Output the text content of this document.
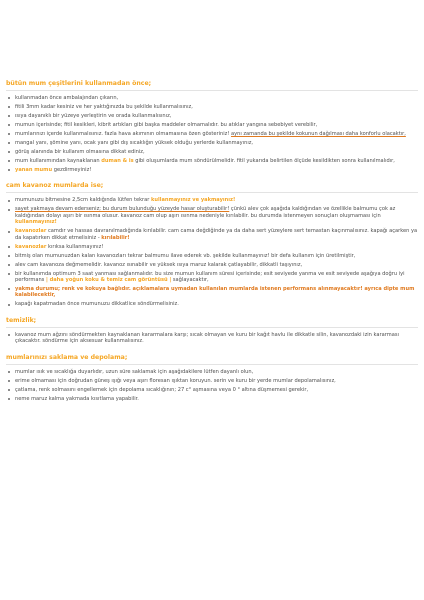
bütün mum çeşitlerini kullanmadan önce;
kullanmadan önce ambalajından çıkarın,
fitili 3mm kadar kesiniz ve her yaktığınızda bu şekilde kullanmalısınız,
ısıya dayanıklı bir yüzeye yerleştirin ve orada kullanmalısınız,
mumun içerisinde; fitil kesikleri, kibrit artıkları gibi başka maddeler olmamalıdır. bu atıklar yangına sebebiyet verebilir,
mumlarınızı içerde kullanmalısınız. fazla hava akımının olmamasına özen gösteriniz! aynı zamanda bu şekilde kokunun dağılması daha konforlu olacaktır,
mangal yanı, şömine yanı, ocak yanı gibi dış sıcaklığın yüksek olduğu yerlerde kullanmayınız,
görüş alanında bir kullanım olmasına dikkat ediniz,
mum kullanımından kaynaklanan duman & is gibi oluşumlarda mum söndürülmelidir. fitil yukarıda belirtilen ölçüde kesildikten sonra kullanılmalıdır,
yanan mumu gezdirmeyiniz!
cam kavanoz mumlarda ise;
mumunuzu bitmesine 2,5cm kaldığında lütfen tekrar kullanmayınız ve yakmayınız!
sayet yakmaya devam ederseniz; bu durum bulunduğu yüzeyde hasar oluşturabilir! çünkü alev çok aşağıda kaldığından ve özellikle balmumu çok az kaldığından dolayı aşırı bir ısınma olusur. kavanoz cam olup aşırı ısınma nedeniyle kırılabilir. bu durumda istenmeyen sonuçları oluşmaması için kullanmayınız!
kavanozlar camdır ve hassas davranılmadığında kırılabilir. cam cama değdiğinde ya da daha sert yüzeylere sert temastan kaçınmalısınız. kapağı açarken ya da kapatırken dikkat etmelisiniz - kırılabilir!
kavanozlar kırıksa kullanmayınız!
bitmiş olan mumunuzdan kalan kavanozları tekrar balmumu ilave ederek vb. şekilde kullanmayınız! bir defa kullanım için üretilmiştir,
alev cam kavanoza değmemelidir. kavanoz ısınabilir ve yüksek ısıya maruz kalarak çatlayabilir, dikkatli taşıyınız,
bir kullanımda optimum 3 saat yanması sağlanmalıdır. bu size mumun kullanım süresi içerisinde; esit seviyede yanma ve esit seviyede aşağıya doğru iyi performans | daha yoğun koku & temiz cam görüntüsü | sağlayacaktır,
yakma durumu; renk ve kokuya bağlıdır. açıklamalara uymadan kullanılan mumlarda istenen performans alınmayacaktır! ayrıca dipte mum kalabilecektir,
kapağı kapatmadan önce mumunuzu dikkatlice söndürmelisiniz.
temizlik;
kavanoz mum ağzını söndürmekten kaynaklanan kararmalara karşı; sıcak olmayan ve kuru bir kağıt havlu ile dikkatle silin, kavanozdaki izin kararması çıkacaktır. söndürme için aksesuar kullanmalısınız.
mumlarınızı saklama ve depolama;
mumlar ısık ve sıcaklığa duyarlıdır, uzun süre saklamak için aşağıdakilere lütfen dayanlı olun,
erime olmaması için doğrudan güneş ışığı veya aşırı floresan ışıktan koruyun. serin ve kuru bir yerde mumlar depolamalısınız,
çatlama, renk solmasını engellemek için depolama sıcaklığının; 27 c° aşmasına veya 0 ° altına düşmemesi gerekir,
neme maruz kalma yakmada kısıtlama yapabilir.
